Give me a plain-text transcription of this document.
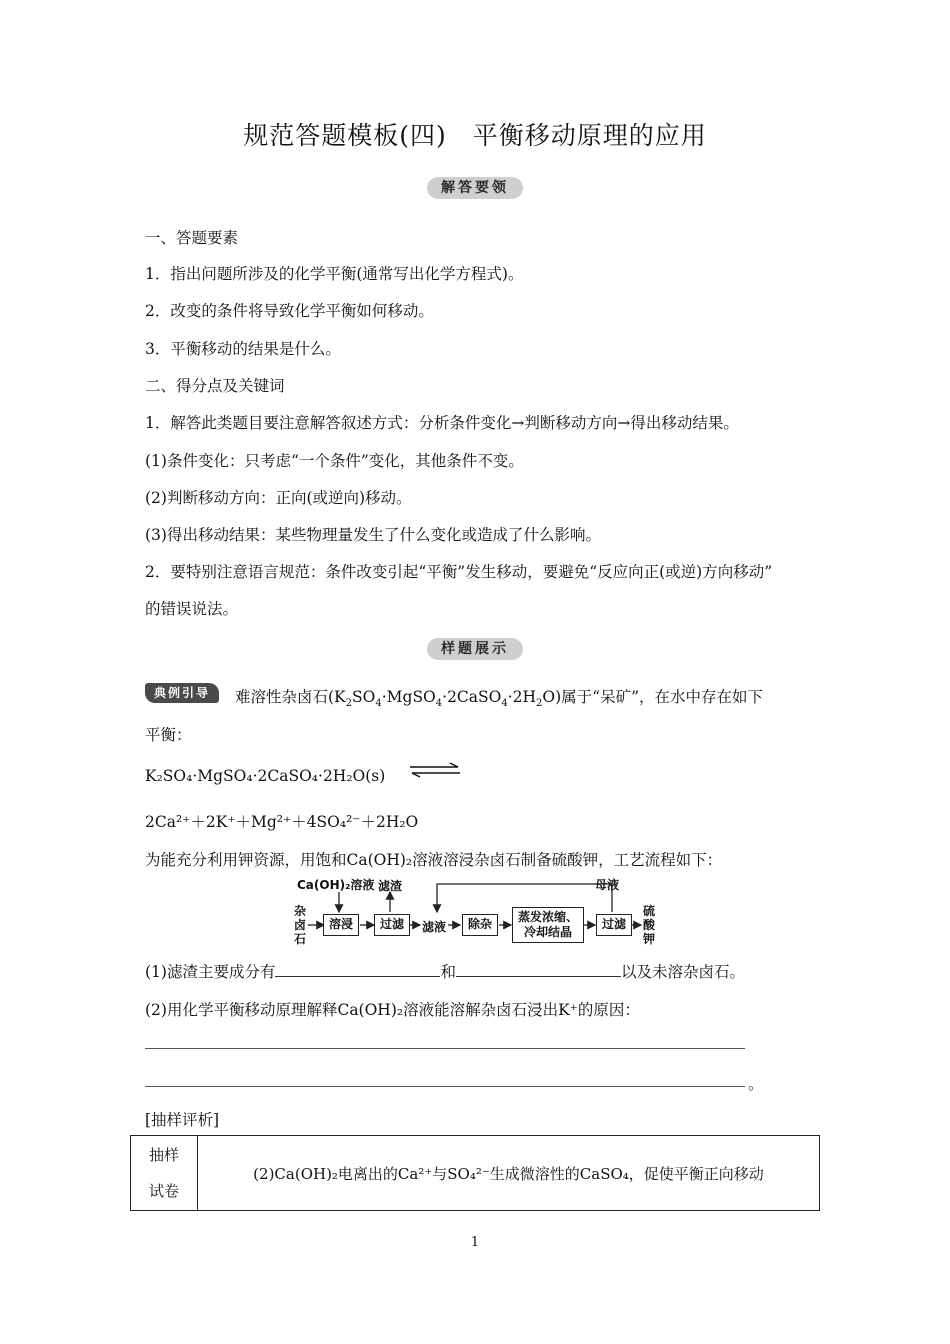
规范答题模板(四)　平衡移动原理的应用
解答要领
一、答题要素
1．指出问题所涉及的化学平衡(通常写出化学方程式)。
2．改变的条件将导致化学平衡如何移动。
3．平衡移动的结果是什么。
二、得分点及关键词
1．解答此类题目要注意解答叙述方式：分析条件变化→判断移动方向→得出移动结果。
(1)条件变化：只考虑“一个条件”变化，其他条件不变。
(2)判断移动方向：正向(或逆向)移动。
(3)得出移动结果：某些物理量发生了什么变化或造成了什么影响。
2．要特别注意语言规范：条件改变引起“平衡”发生移动，要避免“反应向正(或逆)方向移动”
的错误说法。
样题展示
典例引导	难溶性杂卤石$(K_2SO_4\cdot MgSO_4\cdot 2CaSO_4\cdot 2H_2O)$属于“呆矿”，在水中存在如下
平衡：
K₂SO₄·MgSO₄·2CaSO₄·2H₂O(s) ⇌
2Ca²⁺＋2K⁺＋Mg²⁺＋4SO₄²⁻＋2H₂O
为能充分利用钾资源，用饱和Ca(OH)₂溶液溶浸杂卤石制备硫酸钾，工艺流程如下：
Ca(OH)₂溶液 滤渣	母液
杂卤石
溶浸	过滤	滤液	除杂	蒸发浓缩、冷却结晶
过滤
硫酸钾
(1)滤渣主要成分有	和	以及未溶杂卤石。
(2)用化学平衡移动原理解释Ca(OH)₂溶液能溶解杂卤石浸出K⁺的原因：
。
[抽样评析]
抽样
试卷
	(2)Ca(OH)₂电离出的Ca²⁺与SO₄²⁻生成微溶性的CaSO₄，促使平衡正向移动
1
